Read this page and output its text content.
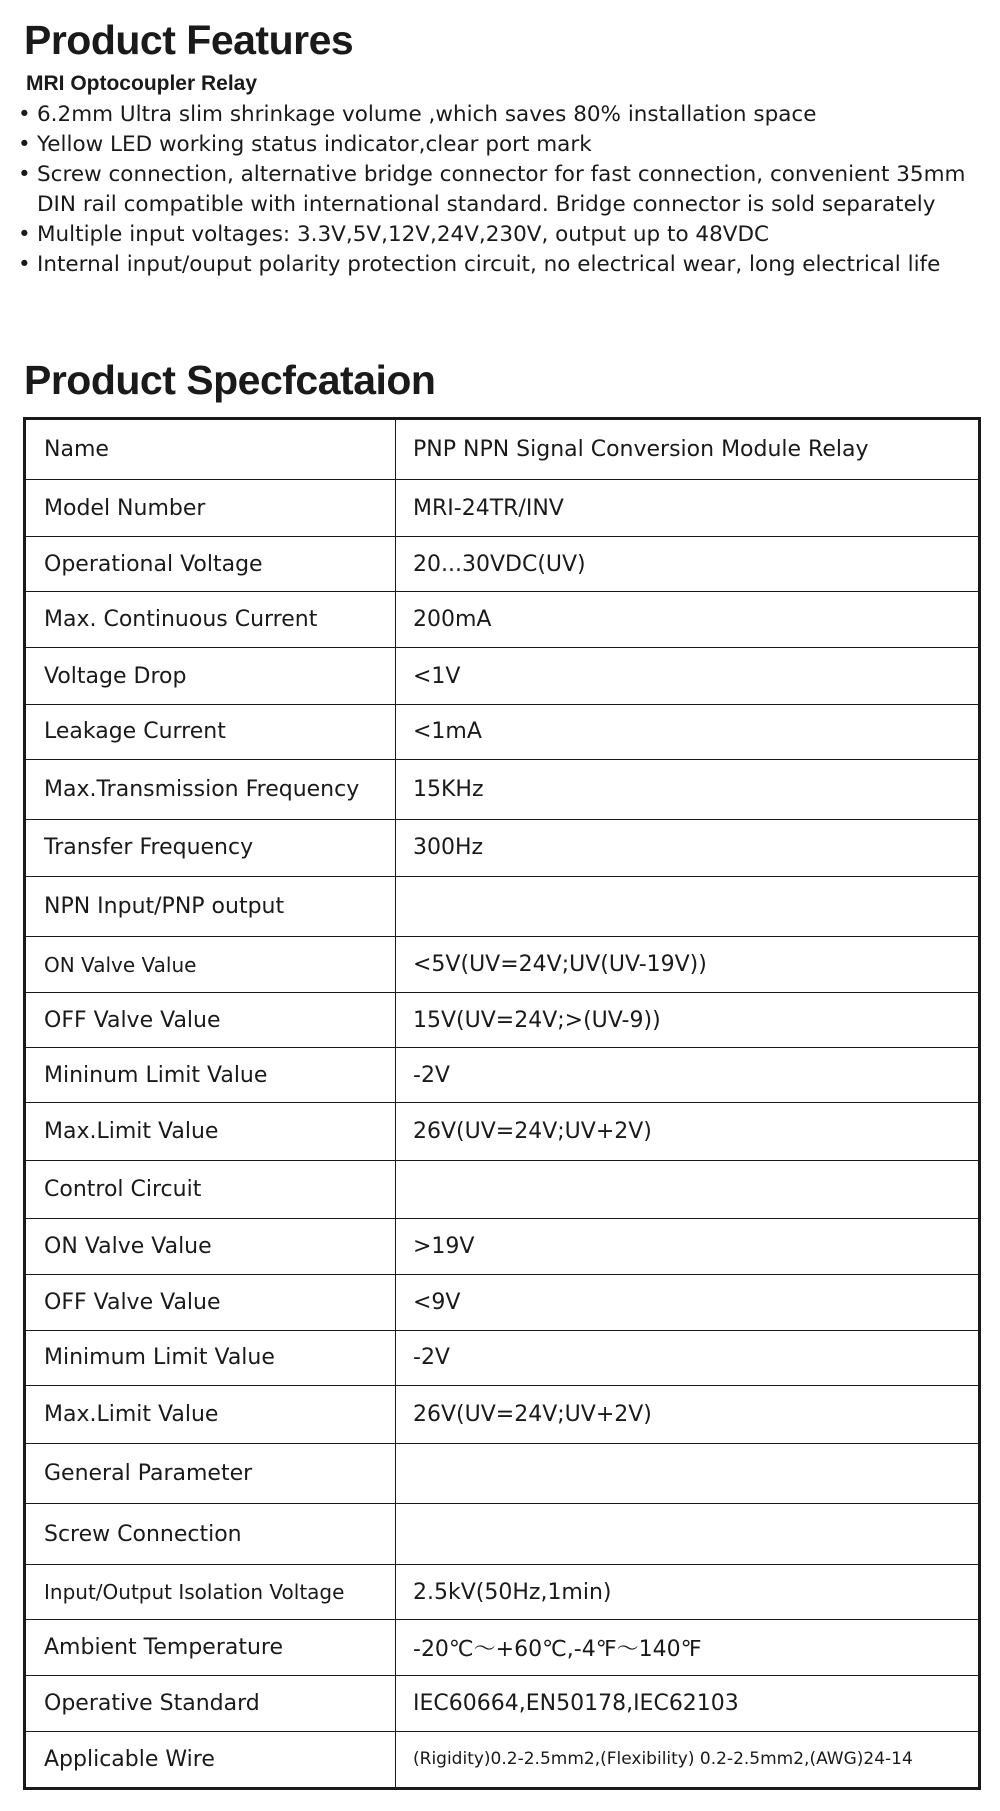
Product Features
MRI Optocoupler Relay
• 6.2mm Ultra slim shrinkage volume ,which saves 80% installation space
• Yellow LED working status indicator,clear port mark
• Screw connection, alternative bridge connector for fast connection, convenient 35mm DIN rail compatible with international standard. Bridge connector is sold separately
• Multiple input voltages: 3.3V,5V,12V,24V,230V, output up to 48VDC
• Internal input/ouput polarity protection circuit, no electrical wear, long electrical life
Product Specfcataion
Name	PNP NPN Signal Conversion Module Relay
Model Number	MRI-24TR/INV
Operational Voltage	20...30VDC(UV)
Max. Continuous Current	200mA
Voltage Drop	<1V
Leakage Current	<1mA
Max.Transmission Frequency	15KHz
Transfer Frequency	300Hz
NPN Input/PNP output	
ON Valve Value	<5V(UV=24V;UV(UV-19V))
OFF Valve Value	15V(UV=24V;>(UV-9))
Mininum Limit Value	-2V
Max.Limit Value	26V(UV=24V;UV+2V)
Control Circuit	
ON Valve Value	>19V
OFF Valve Value	<9V
Minimum Limit Value	-2V
Max.Limit Value	26V(UV=24V;UV+2V)
General Parameter	
Screw Connection	
Input/Output Isolation Voltage	2.5kV(50Hz,1min)
Ambient Temperature	-20℃～+60℃,-4℉～140℉
Operative Standard	IEC60664,EN50178,IEC62103
Applicable Wire	(Rigidity)0.2-2.5mm2,(Flexibility) 0.2-2.5mm2,(AWG)24-14
